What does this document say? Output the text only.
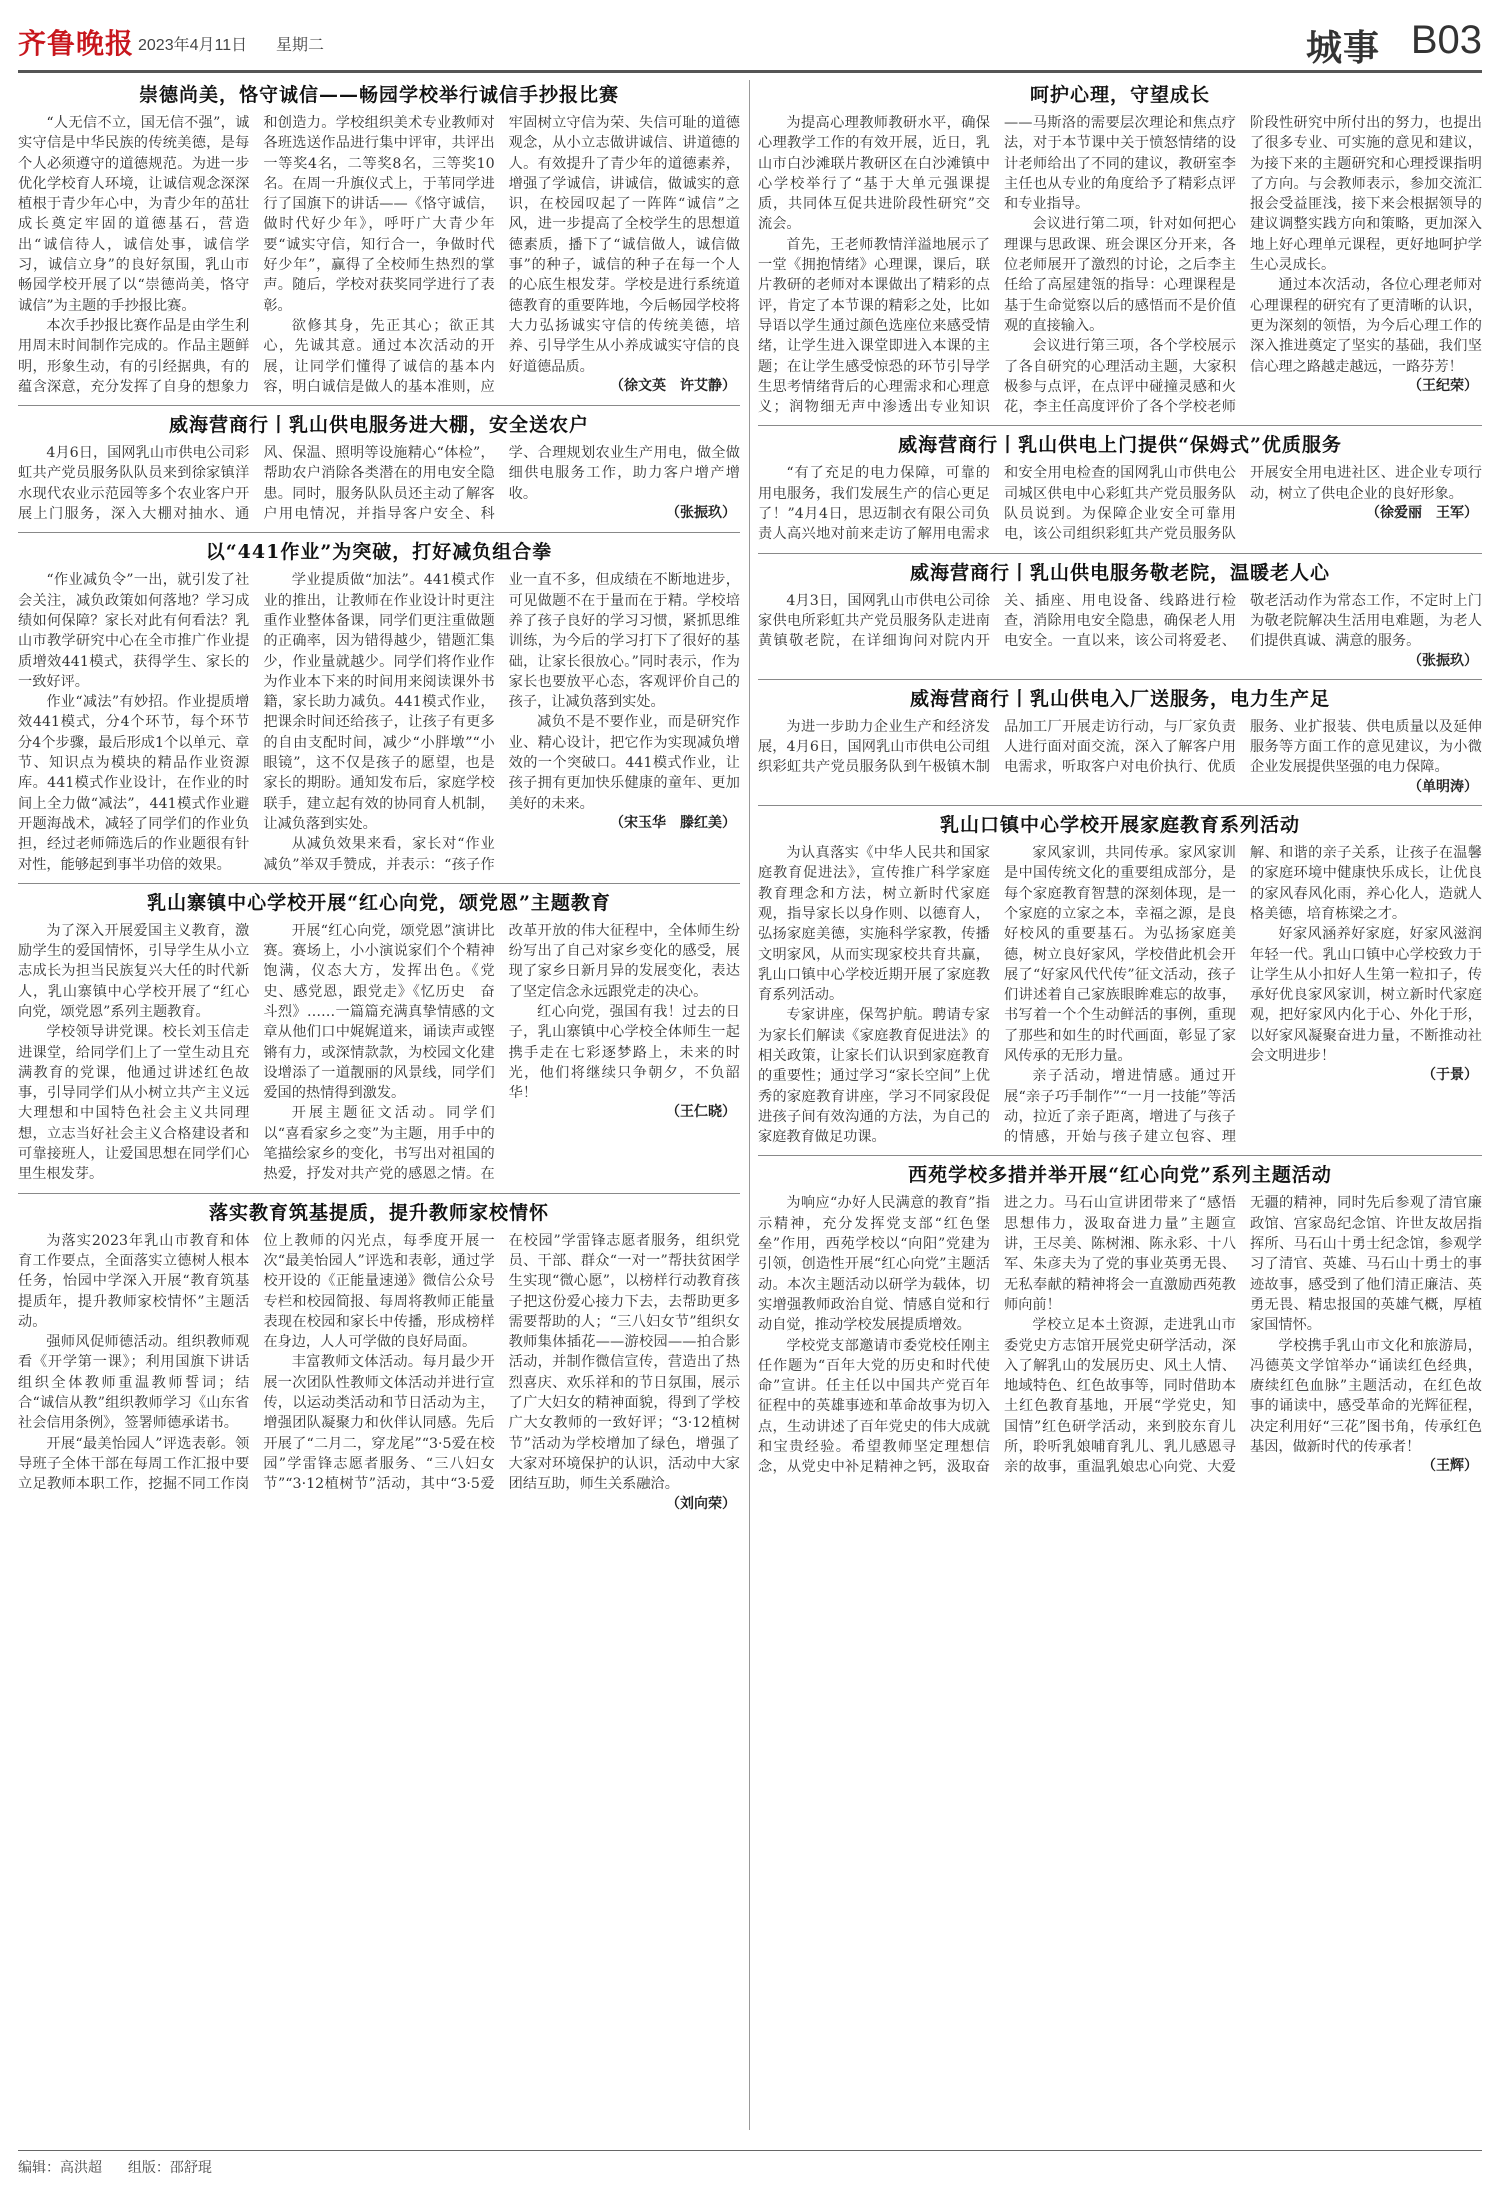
齐鲁晚报 2023年4月11日 星期二	城事 B03
崇德尚美，恪守诚信——畅园学校举行诚信手抄报比赛

“人无信不立，国无信不强”，诚实守信是中华民族的传统美德，是每个人必须遵守的道德规范。为进一步优化学校育人环境，让诚信观念深深植根于青少年心中，为青少年的茁壮成长奠定牢固的道德基石，营造出“诚信待人，诚信处事，诚信学习，诚信立身”的良好氛围，乳山市畅园学校开展了以“崇德尚美，恪守诚信”为主题的手抄报比赛。

本次手抄报比赛作品是由学生利用周末时间制作完成的。作品主题鲜明，形象生动，有的引经据典，有的蕴含深意，充分发挥了自身的想象力和创造力。学校组织美术专业教师对各班选送作品进行集中评审，共评出一等奖4名，二等奖8名，三等奖10名。在周一升旗仪式上，于苇同学进行了国旗下的讲话——《恪守诚信，做时代好少年》，呼吁广大青少年要“诚实守信，知行合一，争做时代好少年”，赢得了全校师生热烈的掌声。随后，学校对获奖同学进行了表彰。

欲修其身，先正其心；欲正其心，先诚其意。通过本次活动的开展，让同学们懂得了诚信的基本内容，明白诚信是做人的基本准则，应牢固树立守信为荣、失信可耻的道德观念，从小立志做讲诚信、讲道德的人。有效提升了青少年的道德素养，增强了学诚信，讲诚信，做诚实的意识，在校园叹起了一阵阵“诚信”之风，进一步提高了全校学生的思想道德素质，播下了“诚信做人，诚信做事”的种子，诚信的种子在每一个人的心底生根发芽。学校是进行系统道德教育的重要阵地，今后畅园学校将大力弘扬诚实守信的传统美德，培养、引导学生从小养成诚实守信的良好道德品质。

（徐文英　许艾静）
威海营商行丨乳山供电服务进大棚，安全送农户

4月6日，国网乳山市供电公司彩虹共产党员服务队队员来到徐家镇洋水现代农业示范园等多个农业客户开展上门服务，深入大棚对抽水、通风、保温、照明等设施精心“体检”，帮助农户消除各类潜在的用电安全隐患。同时，服务队队员还主动了解客户用电情况，并指导客户安全、科学、合理规划农业生产用电，做全做细供电服务工作，助力客户增产增收。

（张振玖）
以“441作业”为突破，打好减负组合拳

“作业减负令”一出，就引发了社会关注，减负政策如何落地？学习成绩如何保障？家长对此有何看法？乳山市教学研究中心在全市推广作业提质增效441模式，获得学生、家长的一致好评。

作业“减法”有妙招。作业提质增效441模式，分4个环节，每个环节分4个步骤，最后形成1个以单元、章节、知识点为模块的精品作业资源库。441模式作业设计，在作业的时间上全力做“减法”，441模式作业避开题海战术，减轻了同学们的作业负担，经过老师筛选后的作业题很有针对性，能够起到事半功倍的效果。

学业提质做“加法”。441模式作业的推出，让教师在作业设计时更注重作业整体备课，同学们更注重做题的正确率，因为错得越少，错题汇集少，作业量就越少。同学们将作业作为作业本下来的时间用来阅读课外书籍，家长助力减负。441模式作业，把课余时间还给孩子，让孩子有更多的自由支配时间，减少“小胖墩”“小眼镜”，这不仅是孩子的愿望，也是家长的期盼。通知发布后，家庭学校联手，建立起有效的协同育人机制，让减负落到实处。

从减负效果来看，家长对“作业减负”举双手赞成，并表示：“孩子作业一直不多，但成绩在不断地进步，可见做题不在于量而在于精。学校培养了孩子良好的学习习惯，紧抓思维训练，为今后的学习打下了很好的基础，让家长很放心。”同时表示，作为家长也要放平心态，客观评价自己的孩子，让减负落到实处。

减负不是不要作业，而是研究作业、精心设计，把它作为实现减负增效的一个突破口。441模式作业，让孩子拥有更加快乐健康的童年、更加美好的未来。

（宋玉华　滕红美）
乳山寨镇中心学校开展“红心向党，颂党恩”主题教育

为了深入开展爱国主义教育，激励学生的爱国情怀，引导学生从小立志成长为担当民族复兴大任的时代新人，乳山寨镇中心学校开展了“红心向党，颂党恩”系列主题教育。

学校领导讲党课。校长刘玉信走进课堂，给同学们上了一堂生动且充满教育的党课，他通过讲述红色故事，引导同学们从小树立共产主义远大理想和中国特色社会主义共同理想，立志当好社会主义合格建设者和可靠接班人，让爱国思想在同学们心里生根发芽。

开展“红心向党，颂党恩”演讲比赛。赛场上，小小演说家们个个精神饱满，仪态大方，发挥出色。《党史、感党恩，跟党走》《忆历史　奋斗烈》……一篇篇充满真挚情感的文章从他们口中娓娓道来，诵读声或铿锵有力，或深情款款，为校园文化建设增添了一道靓丽的风景线，同学们爱国的热情得到激发。

开展主题征文活动。同学们以“喜看家乡之变”为主题，用手中的笔描绘家乡的变化，书写出对祖国的热爱，抒发对共产党的感恩之情。在改革开放的伟大征程中，全体师生纷纷写出了自己对家乡变化的感受，展现了家乡日新月异的发展变化，表达了坚定信念永远跟党走的决心。

红心向党，强国有我！过去的日子，乳山寨镇中心学校全体师生一起携手走在七彩逐梦路上，未来的时光，他们将继续只争朝夕，不负韶华！

（王仁晓）
落实教育筑基提质，提升教师家校情怀

为落实2023年乳山市教育和体育工作要点，全面落实立德树人根本任务，怡园中学深入开展“教育筑基提质年，提升教师家校情怀”主题活动。

强师风促师德活动。组织教师观看《开学第一课》；利用国旗下讲话组织全体教师重温教师誓词；结合“诚信从教”组织教师学习《山东省社会信用条例》，签署师德承诺书。

开展“最美怡园人”评选表彰。领导班子全体干部在每周工作汇报中要立足教师本职工作，挖掘不同工作岗位上教师的闪光点，每季度开展一次“最美怡园人”评选和表彰，通过学校开设的《正能量速递》微信公众号专栏和校园简报、每周将教师正能量表现在校园和家长中传播，形成榜样在身边，人人可学做的良好局面。

丰富教师文体活动。每月最少开展一次团队性教师文体活动并进行宣传，以运动类活动和节日活动为主，增强团队凝聚力和伙伴认同感。先后开展了“二月二，穿龙尾”“3·5爱在校园”学雷锋志愿者服务、“三八妇女节”“3·12植树节”活动，其中“3·5爱在校园”学雷锋志愿者服务，组织党员、干部、群众“一对一”帮扶贫困学生实现“微心愿”，以榜样行动教育孩子把这份爱心接力下去，去帮助更多需要帮助的人；“三八妇女节”组织女教师集体插花——游校园——拍合影活动，并制作微信宣传，营造出了热烈喜庆、欢乐祥和的节日氛围，展示了广大妇女的精神面貌，得到了学校广大女教师的一致好评；“3·12植树节”活动为学校增加了绿色，增强了大家对环境保护的认识，活动中大家团结互助，师生关系融洽。

（刘向荣）
呵护心理，守望成长

为提高心理教师教研水平，确保心理教学工作的有效开展，近日，乳山市白沙滩联片教研区在白沙滩镇中心学校举行了“基于大单元强课提质，共同体互促共进阶段性研究”交流会。

首先，王老师教情洋溢地展示了一堂《拥抱情绪》心理课，课后，联片教研的老师对本课做出了精彩的点评，肯定了本节课的精彩之处，比如导语以学生通过颜色选座位来感受情绪，让学生进入课堂即进入本课的主题；在让学生感受惊恐的环节引导学生思考情绪背后的心理需求和心理意义；润物细无声中渗透出专业知识——马斯洛的需要层次理论和焦点疗法，对于本节课中关于愤怒情绪的设计老师给出了不同的建议，教研室李主任也从专业的角度给予了精彩点评和专业指导。

会议进行第二项，针对如何把心理课与思政课、班会课区分开来，各位老师展开了激烈的讨论，之后李主任给了高屋建瓴的指导：心理课程是基于生命觉察以后的感悟而不是价值观的直接输入。

会议进行第三项，各个学校展示了各自研究的心理活动主题，大家积极参与点评，在点评中碰撞灵感和火花，李主任高度评价了各个学校老师阶段性研究中所付出的努力，也提出了很多专业、可实施的意见和建议，为接下来的主题研究和心理授课指明了方向。与会教师表示，参加交流汇报会受益匪浅，接下来会根据领导的建议调整实践方向和策略，更加深入地上好心理单元课程，更好地呵护学生心灵成长。

通过本次活动，各位心理老师对心理课程的研究有了更清晰的认识，更为深刻的领悟，为今后心理工作的深入推进奠定了坚实的基础，我们坚信心理之路越走越远，一路芬芳！

（王纪荣）
威海营商行丨乳山供电上门提供“保姆式”优质服务

“有了充足的电力保障，可靠的用电服务，我们发展生产的信心更足了！”4月4日，思迈制衣有限公司负责人高兴地对前来走访了解用电需求和安全用电检查的国网乳山市供电公司城区供电中心彩虹共产党员服务队队员说到。为保障企业安全可靠用电，该公司组织彩虹共产党员服务队开展安全用电进社区、进企业专项行动，树立了供电企业的良好形象。

（徐爱丽　王军）
威海营商行丨乳山供电服务敬老院，温暖老人心

4月3日，国网乳山市供电公司徐家供电所彩虹共产党员服务队走进南黄镇敬老院，在详细询问对院内开关、插座、用电设备、线路进行检查，消除用电安全隐患，确保老人用电安全。一直以来，该公司将爱老、敬老活动作为常态工作，不定时上门为敬老院解决生活用电难题，为老人们提供真诚、满意的服务。

（张振玖）
威海营商行丨乳山供电入厂送服务，电力生产足

为进一步助力企业生产和经济发展，4月6日，国网乳山市供电公司组织彩虹共产党员服务队到午极镇木制品加工厂开展走访行动，与厂家负责人进行面对面交流，深入了解客户用电需求，听取客户对电价执行、优质服务、业扩报装、供电质量以及延伸服务等方面工作的意见建议，为小微企业发展提供坚强的电力保障。

（单明涛）
乳山口镇中心学校开展家庭教育系列活动

为认真落实《中华人民共和国家庭教育促进法》，宣传推广科学家庭教育理念和方法，树立新时代家庭观，指导家长以身作则、以德育人，弘扬家庭美德，实施科学家教，传播文明家风，从而实现家校共育共赢，乳山口镇中心学校近期开展了家庭教育系列活动。

专家讲座，保驾护航。聘请专家为家长们解读《家庭教育促进法》的相关政策，让家长们认识到家庭教育的重要性；通过学习“家长空间”上优秀的家庭教育讲座，学习不同家段促进孩子间有效沟通的方法，为自己的家庭教育做足功课。

家风家训，共同传承。家风家训是中国传统文化的重要组成部分，是每个家庭教育智慧的深刻体现，是一个家庭的立家之本，幸福之源，是良好校风的重要基石。为弘扬家庭美德，树立良好家风，学校借此机会开展了“好家风代代传”征文活动，孩子们讲述着自己家族眼眸难忘的故事，书写着一个个生动鲜活的事例，重现了那些和如生的时代画面，彰显了家风传承的无形力量。

亲子活动，增进情感。通过开展“亲子巧手制作”“一月一技能”等活动，拉近了亲子距离，增进了与孩子的情感，开始与孩子建立包容、理解、和谐的亲子关系，让孩子在温馨的家庭环境中健康快乐成长，让优良的家风春风化雨，养心化人，造就人格美德，培育栋梁之才。

好家风涵养好家庭，好家风滋润年轻一代。乳山口镇中心学校致力于让学生从小扣好人生第一粒扣子，传承好优良家风家训，树立新时代家庭观，把好家风内化于心、外化于形，以好家风凝聚奋进力量，不断推动社会文明进步！

（于景）
西苑学校多措并举开展“红心向党”系列主题活动

为响应“办好人民满意的教育”指示精神，充分发挥党支部“红色堡垒”作用，西苑学校以“向阳”党建为引领，创造性开展“红心向党”主题活动。本次主题活动以研学为载体，切实增强教师政治自觉、情感自觉和行动自觉，推动学校发展提质增效。

学校党支部邀请市委党校任刚主任作题为“百年大党的历史和时代使命”宣讲。任主任以中国共产党百年征程中的英雄事迹和革命故事为切入点，生动讲述了百年党史的伟大成就和宝贵经验。希望教师坚定理想信念，从党史中补足精神之钙，汲取奋进之力。马石山宣讲团带来了“感悟思想伟力，汲取奋进力量”主题宣讲，王尽美、陈树湘、陈永彩、十八军、朱彦夫为了党的事业英勇无畏、无私奉献的精神将会一直激励西苑教师向前！

学校立足本土资源，走进乳山市委党史方志馆开展党史研学活动，深入了解乳山的发展历史、风土人情、地域特色、红色故事等，同时借助本土红色教育基地，开展“学党史，知国情”红色研学活动，来到胶东育儿所，聆听乳娘哺育乳儿、乳儿感恩寻亲的故事，重温乳娘忠心向党、大爱无疆的精神，同时先后参观了清官廉政馆、宫家岛纪念馆、许世友故居指挥所、马石山十勇士纪念馆，参观学习了清官、英雄、马石山十勇士的事迹故事，感受到了他们清正廉洁、英勇无畏、精忠报国的英雄气概，厚植家国情怀。

学校携手乳山市文化和旅游局，冯德英文学馆举办“诵读红色经典，赓续红色血脉”主题活动，在红色故事的诵读中，感受革命的光辉征程，决定利用好“三花”图书角，传承红色基因，做新时代的传承者！

（王辉）
编辑：高洪超 组版：邵舒琨
